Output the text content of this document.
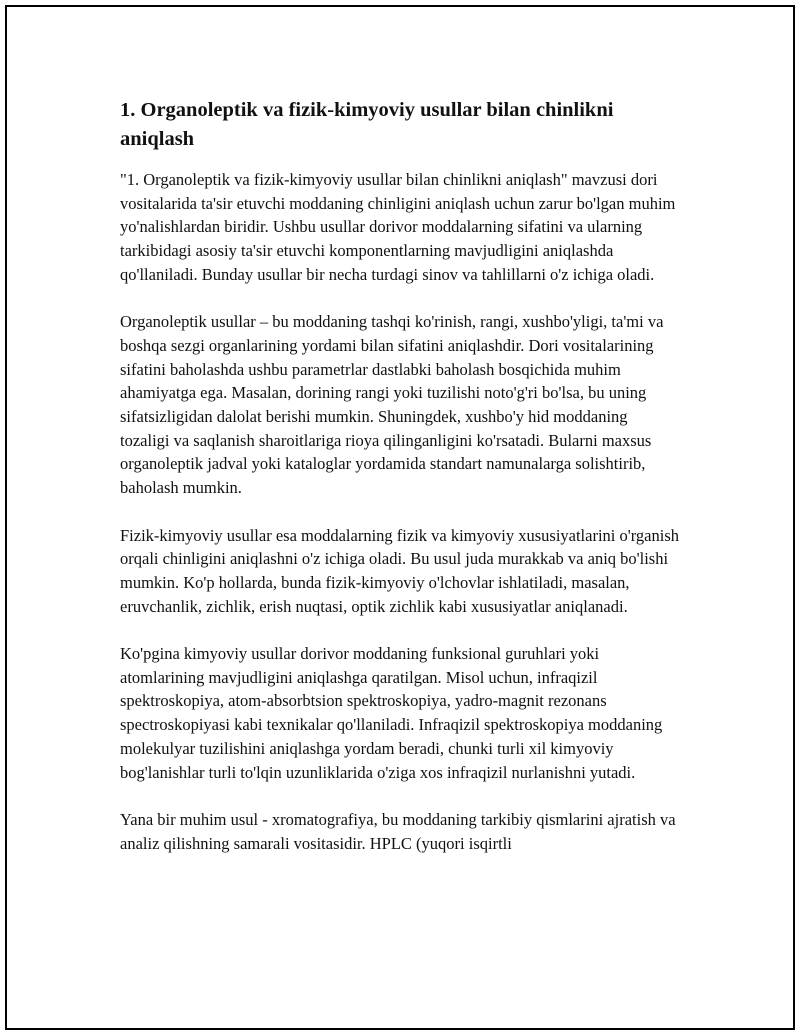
1. Organoleptik va fizik-kimyoviy usullar bilan chinlikni aniqlash

"1. Organoleptik va fizik-kimyoviy usullar bilan chinlikni aniqlash" mavzusi dori vositalarida ta'sir etuvchi moddaning chinligini aniqlash uchun zarur bo'lgan muhim yo'nalishlardan biridir. Ushbu usullar dorivor moddalarning sifatini va ularning tarkibidagi asosiy ta'sir etuvchi komponentlarning mavjudligini aniqlashda qo'llaniladi. Bunday usullar bir necha turdagi sinov va tahlillarni o'z ichiga oladi.

Organoleptik usullar – bu moddaning tashqi ko'rinish, rangi, xushbo'yligi, ta'mi va boshqa sezgi organlarining yordami bilan sifatini aniqlashdir. Dori vositalarining sifatini baholashda ushbu parametrlar dastlabki baholash bosqichida muhim ahamiyatga ega. Masalan, dorining rangi yoki tuzilishi noto'g'ri bo'lsa, bu uning sifatsizligidan dalolat berishi mumkin. Shuningdek, xushbo'y hid moddaning tozaligi va saqlanish sharoitlariga rioya qilinganligini ko'rsatadi. Bularni maxsus organoleptik jadval yoki kataloglar yordamida standart namunalarga solishtirib, baholash mumkin.

Fizik-kimyoviy usullar esa moddalarning fizik va kimyoviy xususiyatlarini o'rganish orqali chinligini aniqlashni o'z ichiga oladi. Bu usul juda murakkab va aniq bo'lishi mumkin. Ko'p hollarda, bunda fizik-kimyoviy o'lchovlar ishlatiladi, masalan, eruvchanlik, zichlik, erish nuqtasi, optik zichlik kabi xususiyatlar aniqlanadi.

Ko'pgina kimyoviy usullar dorivor moddaning funksional guruhlari yoki atomlarining mavjudligini aniqlashga qaratilgan. Misol uchun, infraqizil spektroskopiya, atom-absorbtsion spektroskopiya, yadro-magnit rezonans spectroskopiyasi kabi texnikalar qo'llaniladi. Infraqizil spektroskopiya moddaning molekulyar tuzilishini aniqlashga yordam beradi, chunki turli xil kimyoviy bog'lanishlar turli to'lqin uzunliklarida o'ziga xos infraqizil nurlanishni yutadi.

Yana bir muhim usul - xromatografiya, bu moddaning tarkibiy qismlarini ajratish va analiz qilishning samarali vositasidir. HPLC (yuqori isqirtli
